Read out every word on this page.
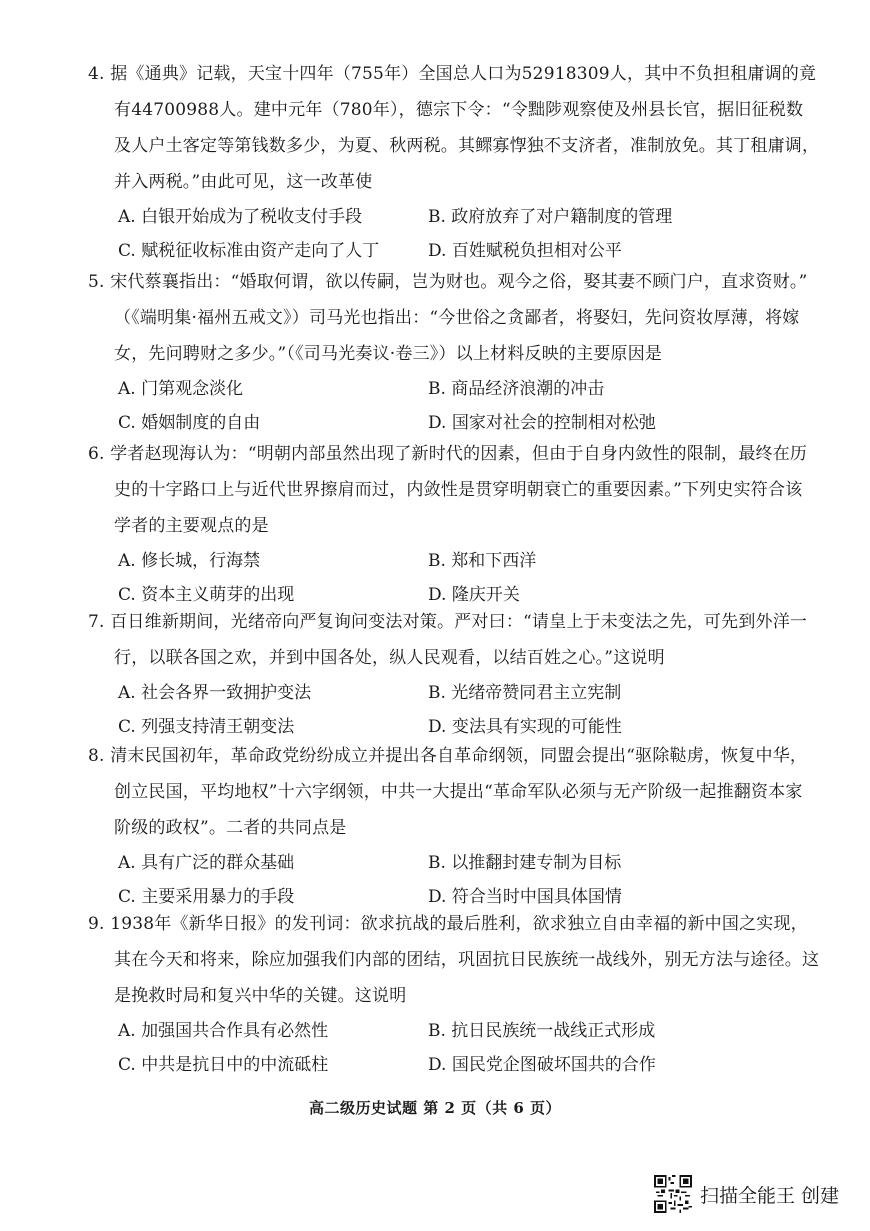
4. 据《通典》记载，天宝十四年（755年）全国总人口为52918309人，其中不负担租庸调的竟
有44700988人。建中元年（780年），德宗下令：“令黜陟观察使及州县长官，据旧征税数
及人户土客定等第钱数多少，为夏、秋两税。其鳏寡惸独不支济者，准制放免。其丁租庸调，
并入两税。”由此可见，这一改革使
A. 白银开始成为了税收支付手段	B. 政府放弃了对户籍制度的管理
C. 赋税征收标准由资产走向了人丁	D. 百姓赋税负担相对公平
5. 宋代蔡襄指出：“婚取何谓，欲以传嗣，岂为财也。观今之俗，娶其妻不顾门户，直求资财。”
（《端明集·福州五戒文》）司马光也指出：“今世俗之贪鄙者，将娶妇，先问资妆厚薄，将嫁
女，先问聘财之多少。”（《司马光奏议·卷三》）以上材料反映的主要原因是
A. 门第观念淡化	B. 商品经济浪潮的冲击
C. 婚姻制度的自由	D. 国家对社会的控制相对松弛
6. 学者赵现海认为：“明朝内部虽然出现了新时代的因素，但由于自身内敛性的限制，最终在历
史的十字路口上与近代世界擦肩而过，内敛性是贯穿明朝衰亡的重要因素。”下列史实符合该
学者的主要观点的是
A. 修长城，行海禁	B. 郑和下西洋
C. 资本主义萌芽的出现	D. 隆庆开关
7. 百日维新期间，光绪帝向严复询问变法对策。严对曰：“请皇上于未变法之先，可先到外洋一
行，以联各国之欢，并到中国各处，纵人民观看，以结百姓之心。”这说明
A. 社会各界一致拥护变法	B. 光绪帝赞同君主立宪制
C. 列强支持清王朝变法	D. 变法具有实现的可能性
8. 清末民国初年，革命政党纷纷成立并提出各自革命纲领，同盟会提出“驱除鞑虏，恢复中华，
创立民国，平均地权”十六字纲领，中共一大提出“革命军队必须与无产阶级一起推翻资本家
阶级的政权”。二者的共同点是
A. 具有广泛的群众基础	B. 以推翻封建专制为目标
C. 主要采用暴力的手段	D. 符合当时中国具体国情
9. 1938年《新华日报》的发刊词：欲求抗战的最后胜利，欲求独立自由幸福的新中国之实现，
其在今天和将来，除应加强我们内部的团结，巩固抗日民族统一战线外，别无方法与途径。这
是挽救时局和复兴中华的关键。这说明
A. 加强国共合作具有必然性	B. 抗日民族统一战线正式形成
C. 中共是抗日中的中流砥柱	D. 国民党企图破坏国共的合作
高二级历史试题 第 2 页（共 6 页）
扫描全能王 创建
